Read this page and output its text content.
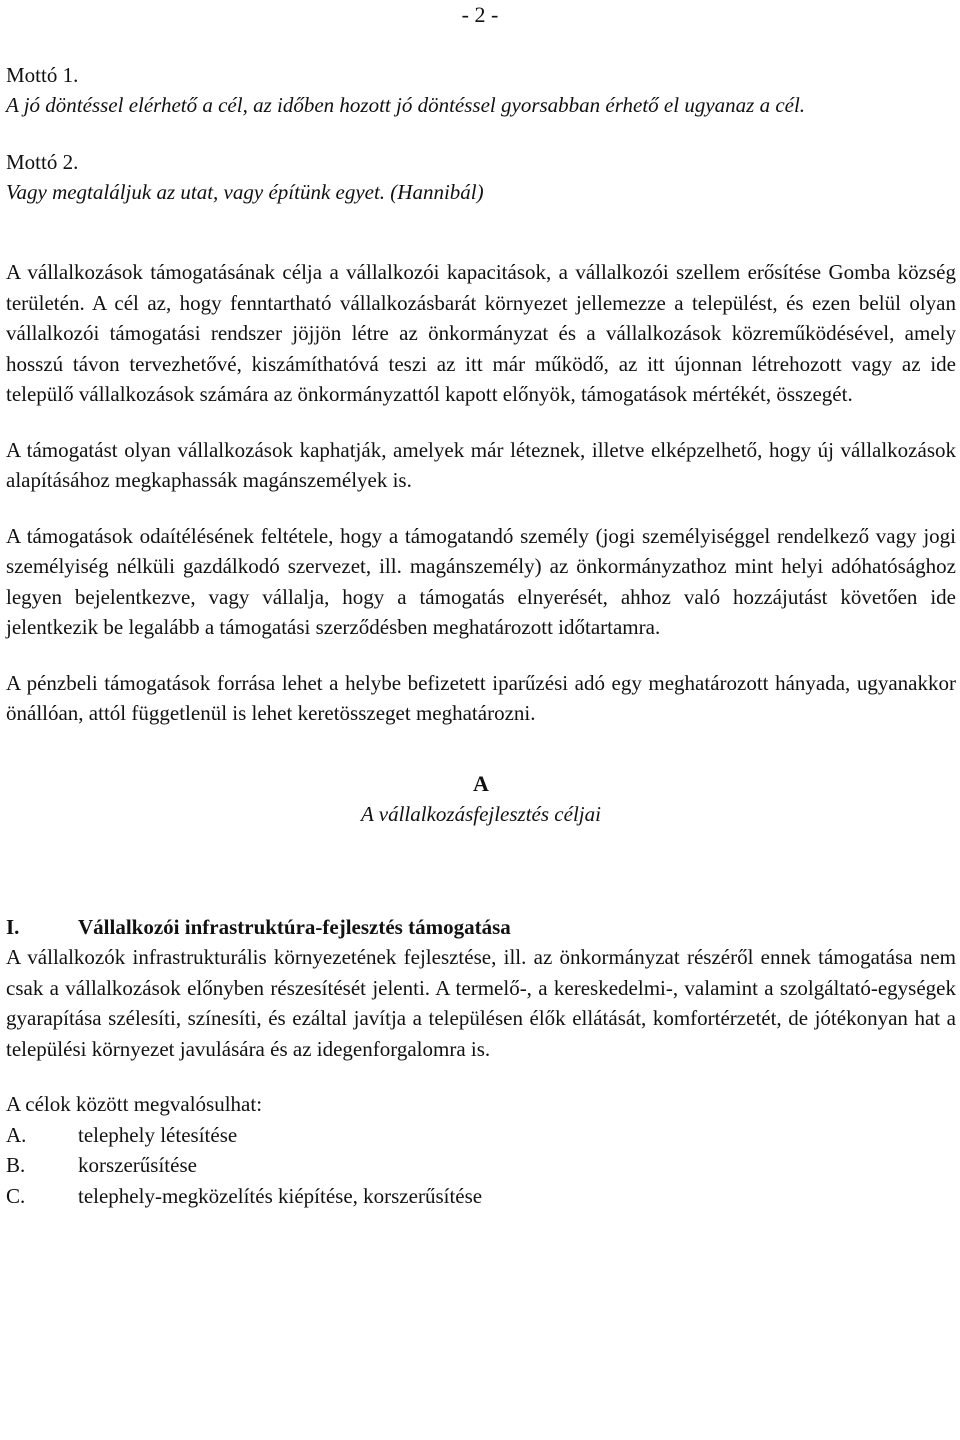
- 2 -

Mottó 1.

A jó döntéssel elérhető a cél, az időben hozott jó döntéssel gyorsabban érhető el ugyanaz a cél.

Mottó 2.

Vagy megtaláljuk az utat, vagy építünk egyet. (Hannibál)

A vállalkozások támogatásának célja a vállalkozói kapacitások, a vállalkozói szellem erősítése Gomba község területén. A cél az, hogy fenntartható vállalkozásbarát környezet jellemezze a települést, és ezen belül olyan vállalkozói támogatási rendszer jöjjön létre az önkormányzat és a vállalkozások közreműködésével, amely hosszú távon tervezhetővé, kiszámíthatóvá teszi az itt már működő, az itt újonnan létrehozott vagy az ide települő vállalkozások számára az önkormányzattól kapott előnyök, támogatások mértékét, összegét.

A támogatást olyan vállalkozások kaphatják, amelyek már léteznek, illetve elképzelhető, hogy új vállalkozások alapításához megkaphassák magánszemélyek is.

A támogatások odaítélésének feltétele, hogy a támogatandó személy (jogi személyiséggel rendelkező vagy jogi személyiség nélküli gazdálkodó szervezet, ill. magánszemély) az önkormányzathoz mint helyi adóhatósághoz legyen bejelentkezve, vagy vállalja, hogy a támogatás elnyerését, ahhoz való hozzájutást követően ide jelentkezik be legalább a támogatási szerződésben meghatározott időtartamra.

A pénzbeli támogatások forrása lehet a helybe befizetett iparűzési adó egy meghatározott hányada, ugyanakkor önállóan, attól függetlenül is lehet keretösszeget meghatározni.

A

A vállalkozásfejlesztés céljai

I.	Vállalkozói infrastruktúra-fejlesztés támogatása

A vállalkozók infrastrukturális környezetének fejlesztése, ill. az önkormányzat részéről ennek támogatása nem csak a vállalkozások előnyben részesítését jelenti. A termelő-, a kereskedelmi-, valamint a szolgáltató-egységek gyarapítása szélesíti, színesíti, és ezáltal javítja a településen élők ellátását, komfortérzetét, de jótékonyan hat a települési környezet javulására és az idegenforgalomra is.

A célok között megvalósulhat:

A. telephely létesítése

B.	korszerűsítése

C.	telephely-megközelítés kiépítése, korszerűsítése
